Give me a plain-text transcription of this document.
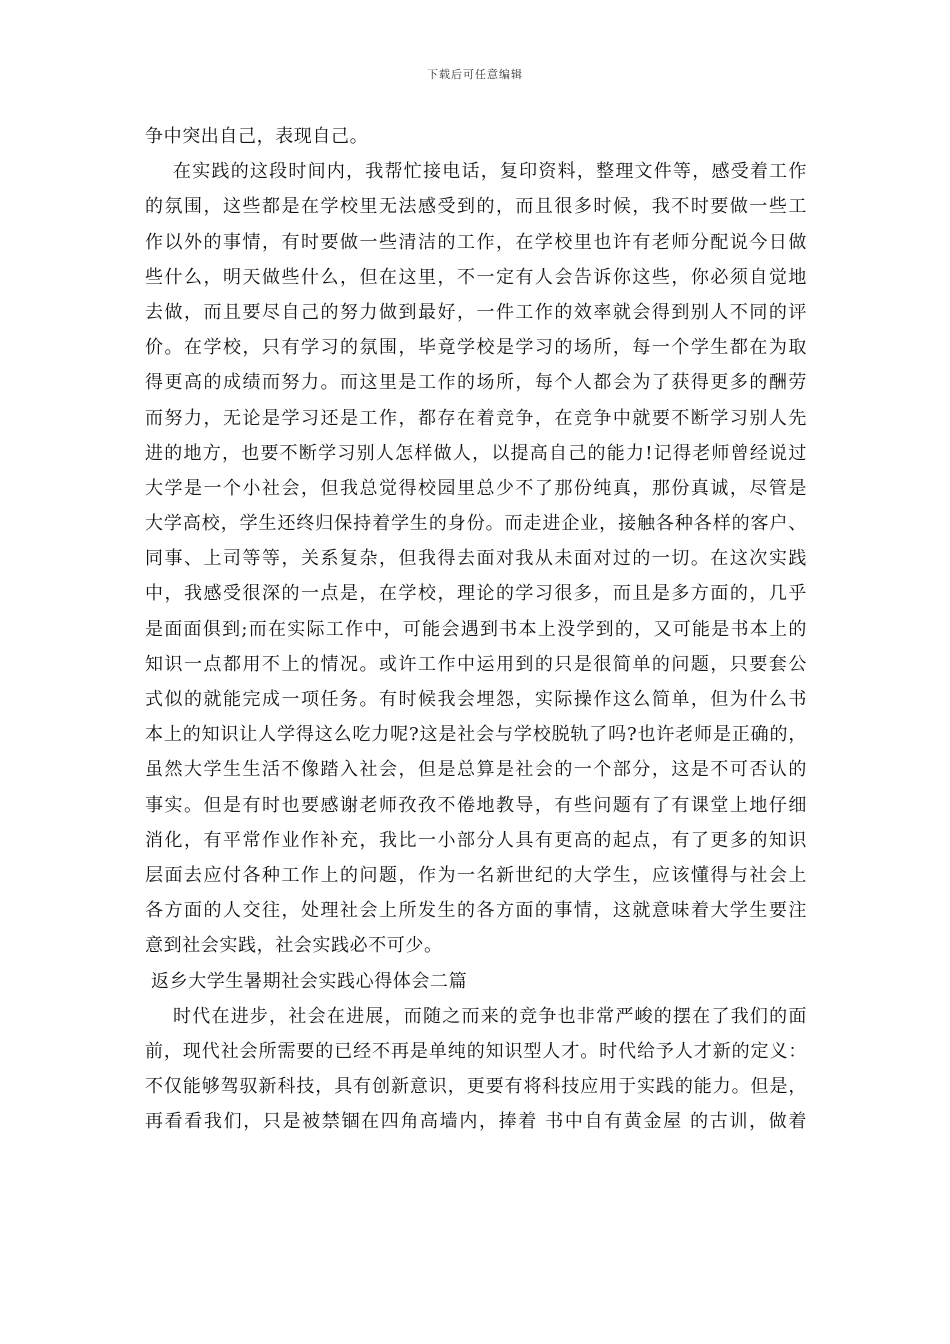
下载后可任意编辑
争中突出自己，表现自己。
在实践的这段时间内，我帮忙接电话，复印资料，整理文件等，感受着工作
的氛围，这些都是在学校里无法感受到的，而且很多时候，我不时要做一些工
作以外的事情，有时要做一些清洁的工作，在学校里也许有老师分配说今日做
些什么，明天做些什么，但在这里，不一定有人会告诉你这些，你必须自觉地
去做，而且要尽自己的努力做到最好，一件工作的效率就会得到别人不同的评
价。在学校，只有学习的氛围，毕竟学校是学习的场所，每一个学生都在为取
得更高的成绩而努力。而这里是工作的场所，每个人都会为了获得更多的酬劳
而努力，无论是学习还是工作，都存在着竞争，在竞争中就要不断学习别人先
进的地方，也要不断学习别人怎样做人，以提高自己的能力!记得老师曾经说过
大学是一个小社会，但我总觉得校园里总少不了那份纯真，那份真诚，尽管是
大学高校，学生还终归保持着学生的身份。而走进企业，接触各种各样的客户、
同事、上司等等，关系复杂，但我得去面对我从未面对过的一切。在这次实践
中，我感受很深的一点是，在学校，理论的学习很多，而且是多方面的，几乎
是面面俱到;而在实际工作中，可能会遇到书本上没学到的，又可能是书本上的
知识一点都用不上的情况。或许工作中运用到的只是很简单的问题，只要套公
式似的就能完成一项任务。有时候我会埋怨，实际操作这么简单，但为什么书
本上的知识让人学得这么吃力呢?这是社会与学校脱轨了吗?也许老师是正确的，
虽然大学生生活不像踏入社会，但是总算是社会的一个部分，这是不可否认的
事实。但是有时也要感谢老师孜孜不倦地教导，有些问题有了有课堂上地仔细
消化，有平常作业作补充，我比一小部分人具有更高的起点，有了更多的知识
层面去应付各种工作上的问题，作为一名新世纪的大学生，应该懂得与社会上
各方面的人交往，处理社会上所发生的各方面的事情，这就意味着大学生要注
意到社会实践，社会实践必不可少。
返乡大学生暑期社会实践心得体会二篇
时代在进步，社会在进展，而随之而来的竞争也非常严峻的摆在了我们的面
前，现代社会所需要的已经不再是单纯的知识型人才。时代给予人才新的定义：
不仅能够驾驭新科技，具有创新意识，更要有将科技应用于实践的能力。但是，
再看看我们，只是被禁锢在四角高墙内，捧着 书中自有黄金屋 的古训，做着
